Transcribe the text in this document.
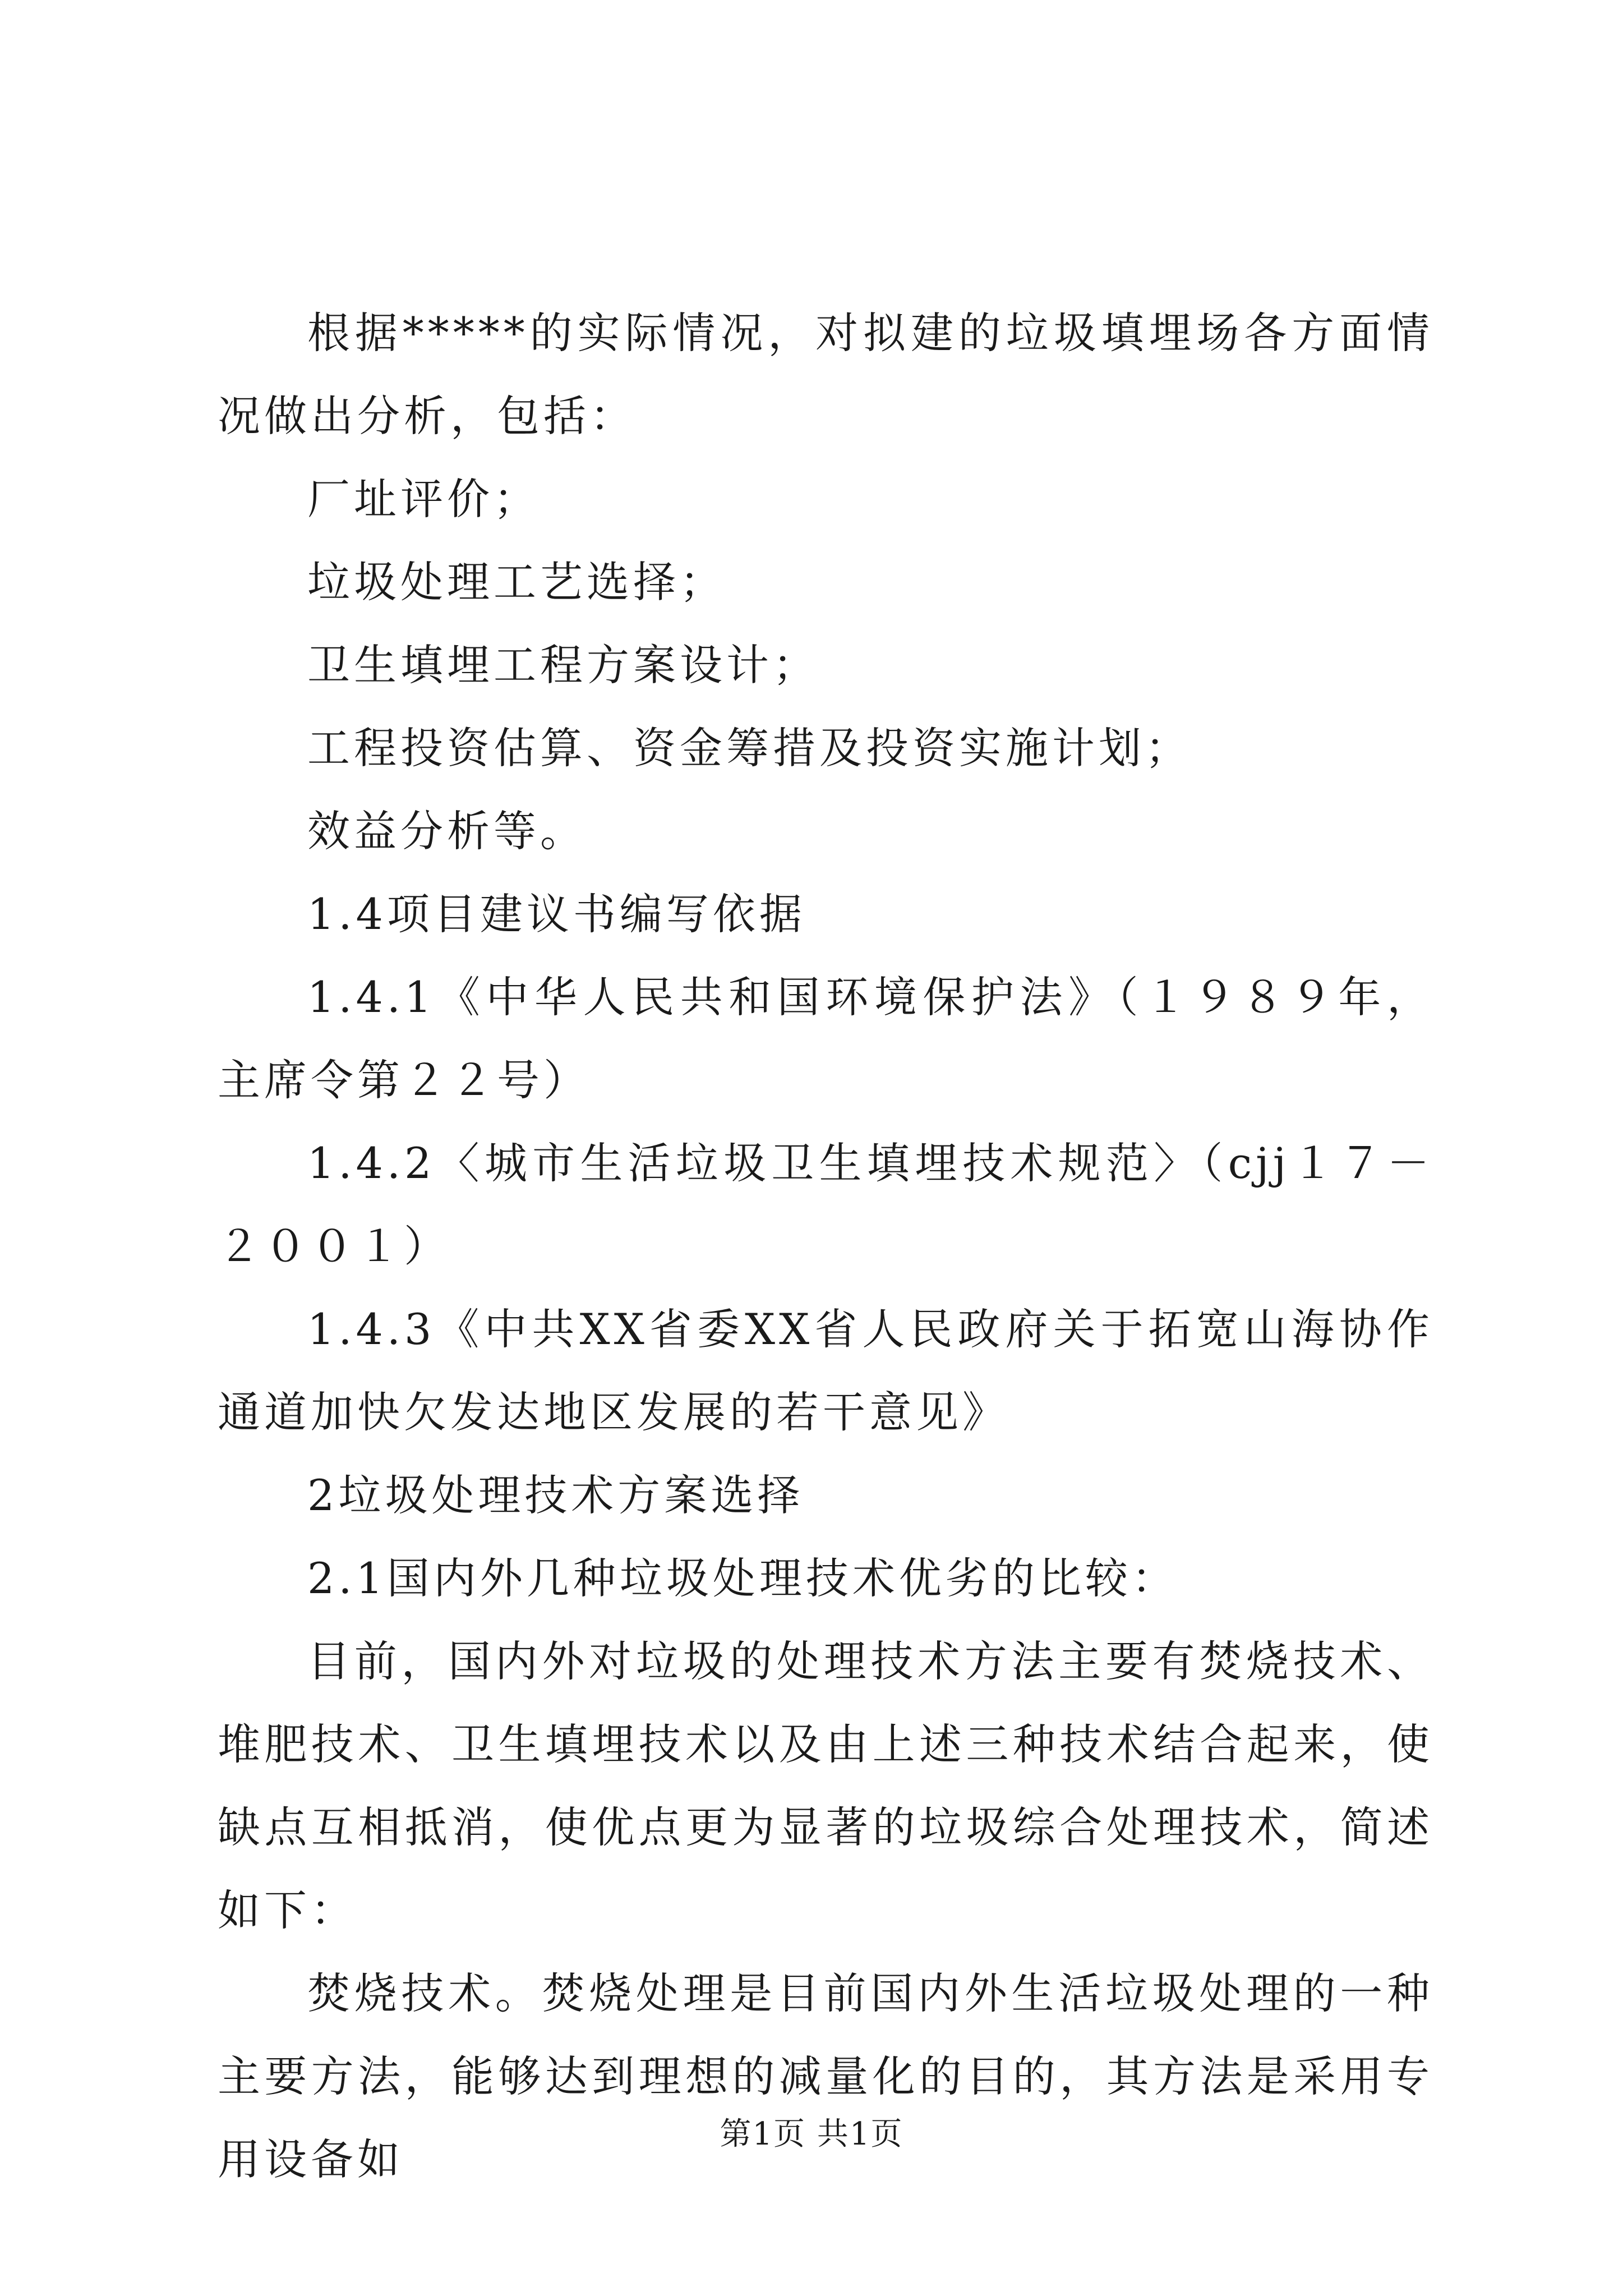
根据*****的实际情况，对拟建的垃圾填埋场各方面情况做出分析，包括：

厂址评价；

垃圾处理工艺选择；

卫生填埋工程方案设计；

工程投资估算、资金筹措及投资实施计划；

效益分析等。

1.4项目建议书编写依据

1.4.1《中华人民共和国环境保护法》（１９８９年，主席令第２２号）

1.4.2〈城市生活垃圾卫生填埋技术规范〉（cjj１７－２００１）

1.4.3《中共XX省委XX省人民政府关于拓宽山海协作通道加快欠发达地区发展的若干意见》

2垃圾处理技术方案选择

2.1国内外几种垃圾处理技术优劣的比较：

目前，国内外对垃圾的处理技术方法主要有焚烧技术、堆肥技术、卫生填埋技术以及由上述三种技术结合起来，使缺点互相抵消，使优点更为显著的垃圾综合处理技术，简述如下：

焚烧技术。焚烧处理是目前国内外生活垃圾处理的一种主要方法，能够达到理想的减量化的目的，其方法是采用专用设备如

第1页 共1页
